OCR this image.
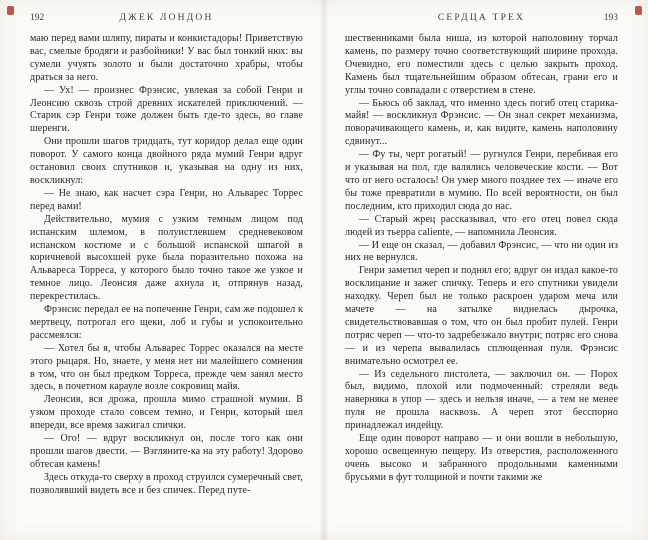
192	ДЖЕК ЛОНДОН

маю перед вами шляпу, пираты и конкистадоры! Приветствую вас, смелые бродяги и разбойники! У вас был тонкий нюх: вы сумели учуять золото и были достаточно храбры, чтобы драться за него.

— Ух! — произнес Фрэнсис, увлекая за собой Генри и Леонсию сквозь строй древних искателей приключений. — Старик сэр Генри тоже должен быть где-то здесь, во главе шеренги.

Они прошли шагов тридцать, тут коридор делал еще один поворот. У самого конца двойного ряда мумий Генри вдруг остановил своих спутников и, указывая на одну из них, воскликнул:

— Не знаю, как насчет сэра Генри, но Альварес Торрес перед вами!

Действительно, мумия с узким темным лицом под испанским шлемом, в полуистлевшем средневековом испанском костюме и с большой испанской шпагой в коричневой высохшей руке была поразительно похожа на Альвареса Торреса, у которого было точно такое же узкое и темное лицо. Леонсия даже ахнула и, отпрянув назад, перекрестилась.

Фрэнсис передал ее на попечение Генри, сам же подошел к мертвецу, потрогал его щеки, лоб и губы и успокоительно рассмеялся:

— Хотел бы я, чтобы Альварес Торрес оказался на месте этого рыцаря. Но, знаете, у меня нет ни малейшего сомнения в том, что он был предком Торреса, прежде чем занял место здесь, в почетном карауле возле сокровищ майя.

Леонсия, вся дрожа, прошла мимо страшной мумии. В узком проходе стало совсем темно, и Генри, который шел впереди, все время зажигал спички.

— Ого! — вдруг воскликнул он, после того как они прошли шагов двести. — Взгляните-ка на эту работу! Здорово обтесан камень!

Здесь откуда-то сверху в проход струился сумеречный свет, позволявший видеть все и без спичек. Перед путе-

СЕРДЦА ТРЕХ	193

шественниками была ниша, из которой наполовину торчал камень, по размеру точно соответствующий ширине прохода. Очевидно, его поместили здесь с целью закрыть проход. Камень был тщательнейшим образом обтесан, грани его и углы точно совпадали с отверстием в стене.

— Бьюсь об заклад, что именно здесь погиб отец старика-майя! — воскликнул Фрэнсис. — Он знал секрет механизма, поворачивающего камень, и, как видите, камень наполовину сдвинут...

— Фу ты, черт рогатый! — ругнулся Генри, перебивая его и указывая на пол, где валялись человеческие кости. — Вот что от него осталось! Он умер много позднее тех — иначе его бы тоже превратили в мумию. По всей вероятности, он был последним, кто приходил сюда до нас.

— Старый жрец рассказывал, что его отец повел сюда людей из тьерра caliente, — напомнила Леонсия.

— И еще он сказал, — добавил Фрэнсис, — что ни один из них не вернулся.

Генри заметил череп и поднял его; вдруг он издал какое-то восклицание и зажег спичку. Теперь и его спутники увидели находку. Череп был не только раскроен ударом меча или мачете — на затылке виднелась дырочка, свидетельствовавшая о том, что он был пробит пулей. Генри потряс череп — что-то задребезжало внутри; потряс его снова — и из черепа вывалилась сплющенная пуля. Фрэнсис внимательно осмотрел ее.

— Из седельного пистолета, — заключил он. — Порох был, видимо, плохой или подмоченный: стреляли ведь наверняка в упор — здесь и нельзя иначе, — а тем не менее пуля не прошла насквозь. А череп этот бесспорно принадлежал индейцу.

Еще один поворот направо — и они вошли в небольшую, хорошо освещенную пещеру. Из отверстия, расположенного очень высоко и забранного продольными каменными брусьями в фут толщиной и почти такими же
